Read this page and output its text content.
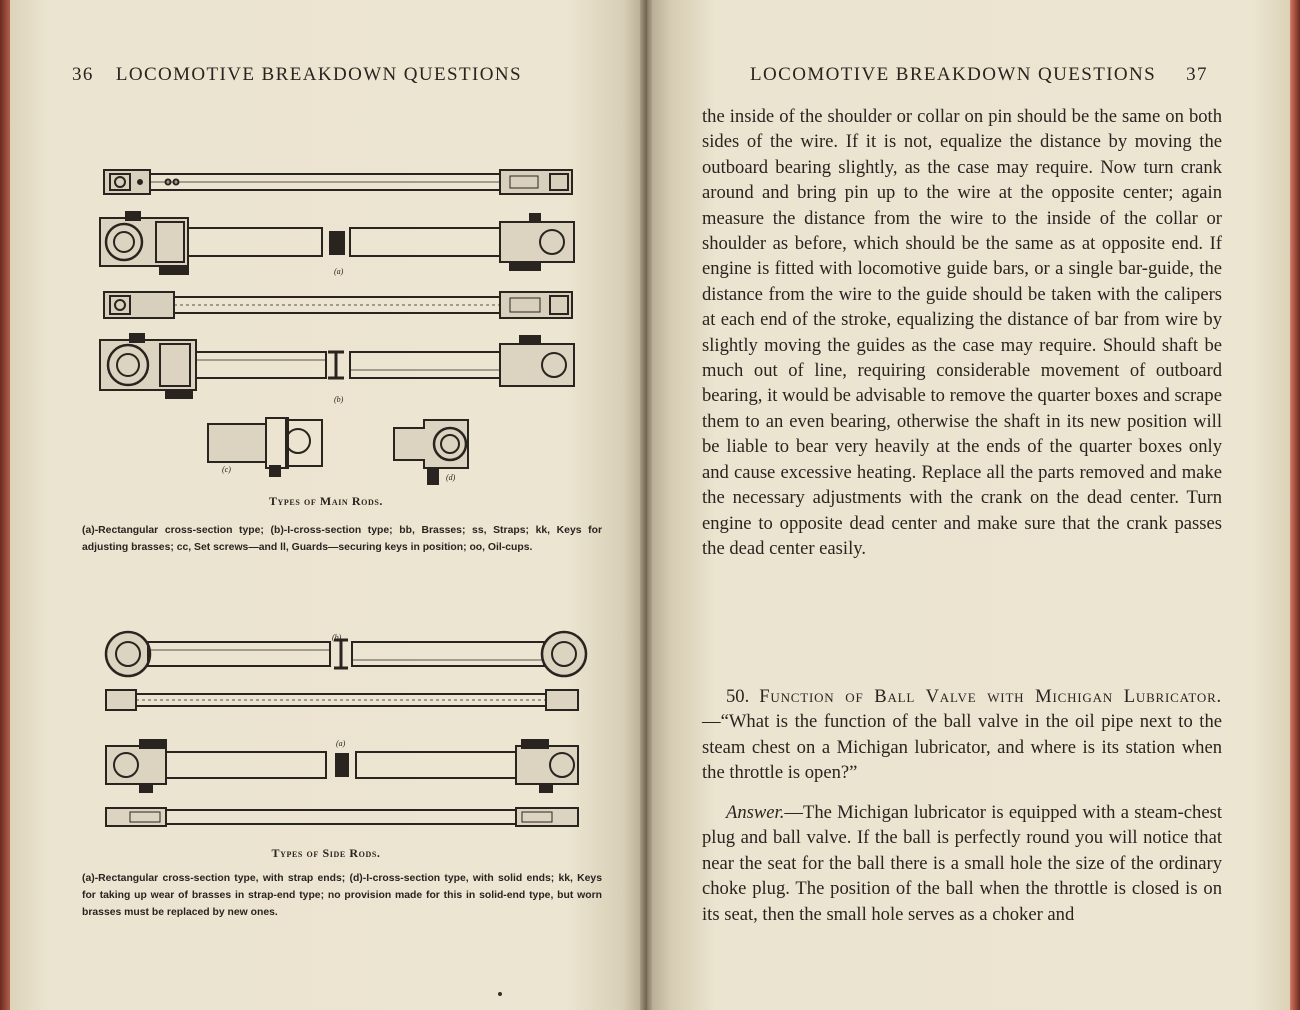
36 LOCOMOTIVE BREAKDOWN QUESTIONS
(a)
(b)
(c)
(d)
(b)
(a)
Types of Main Rods.
(a)-Rectangular cross-section type; (b)-I-cross-section type; bb, Brasses; ss, Straps; kk, Keys for adjusting brasses; cc, Set screws—and ll, Guards—securing keys in position; oo, Oil-cups.
Types of Side Rods.
(a)-Rectangular cross-section type, with strap ends; (d)-I-cross-section type, with solid ends; kk, Keys for taking up wear of brasses in strap-end type; no provision made for this in solid-end type, but worn brasses must be replaced by new ones.
LOCOMOTIVE BREAKDOWN QUESTIONS 37

the inside of the shoulder or collar on pin should be the same on both sides of the wire. If it is not, equalize the distance by moving the outboard bearing slightly, as the case may require. Now turn crank around and bring pin up to the wire at the opposite center; again measure the distance from the wire to the inside of the collar or shoulder as before, which should be the same as at opposite end. If engine is fitted with locomotive guide bars, or a single bar-guide, the distance from the wire to the guide should be taken with the calipers at each end of the stroke, equalizing the distance of bar from wire by slightly moving the guides as the case may require. Should shaft be much out of line, requiring considerable movement of outboard bearing, it would be advisable to remove the quarter boxes and scrape them to an even bearing, otherwise the shaft in its new position will be liable to bear very heavily at the ends of the quarter boxes only and cause excessive heating. Replace all the parts removed and make the necessary adjustments with the crank on the dead center. Turn engine to opposite dead center and make sure that the crank passes the dead center easily.

50. Function of Ball Valve with Michigan Lubricator.—“What is the function of the ball valve in the oil pipe next to the steam chest on a Michigan lubricator, and where is its station when the throttle is open?”
Answer.—The Michigan lubricator is equipped with a steam-chest plug and ball valve. If the ball is perfectly round you will notice that near the seat for the ball there is a small hole the size of the ordinary choke plug. The position of the ball when the throttle is closed is on its seat, then the small hole serves as a choker and
